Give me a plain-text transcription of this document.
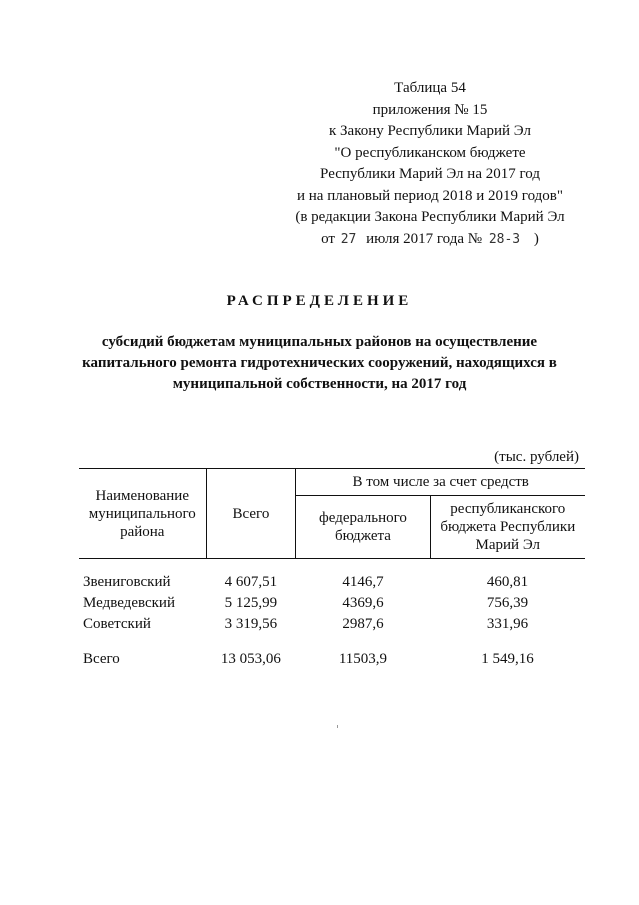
Таблица 54
приложения № 15
к Закону Республики Марий Эл
"О республиканском бюджете
Республики Марий Эл на 2017 год
и на плановый период 2018 и 2019 годов"
(в редакции Закона Республики Марий Эл
от 27 июля 2017 года № 28-З )
РАСПРЕДЕЛЕНИЕ
субсидий бюджетам муниципальных районов на осуществление
капитального ремонта гидротехнических сооружений, находящихся в
муниципальной собственности, на 2017 год
(тыс. рублей)
Наименование муниципального района	Всего	В том числе за счет средств	
		федерального бюджета	республиканского бюджета Республики Марий Эл
Звениговский	4 607,51	4146,7	460,81
Медведевский	5 125,99	4369,6	756,39
Советский	3 319,56	2987,6	331,96

Всего	13 053,06	11503,9	1 549,16
